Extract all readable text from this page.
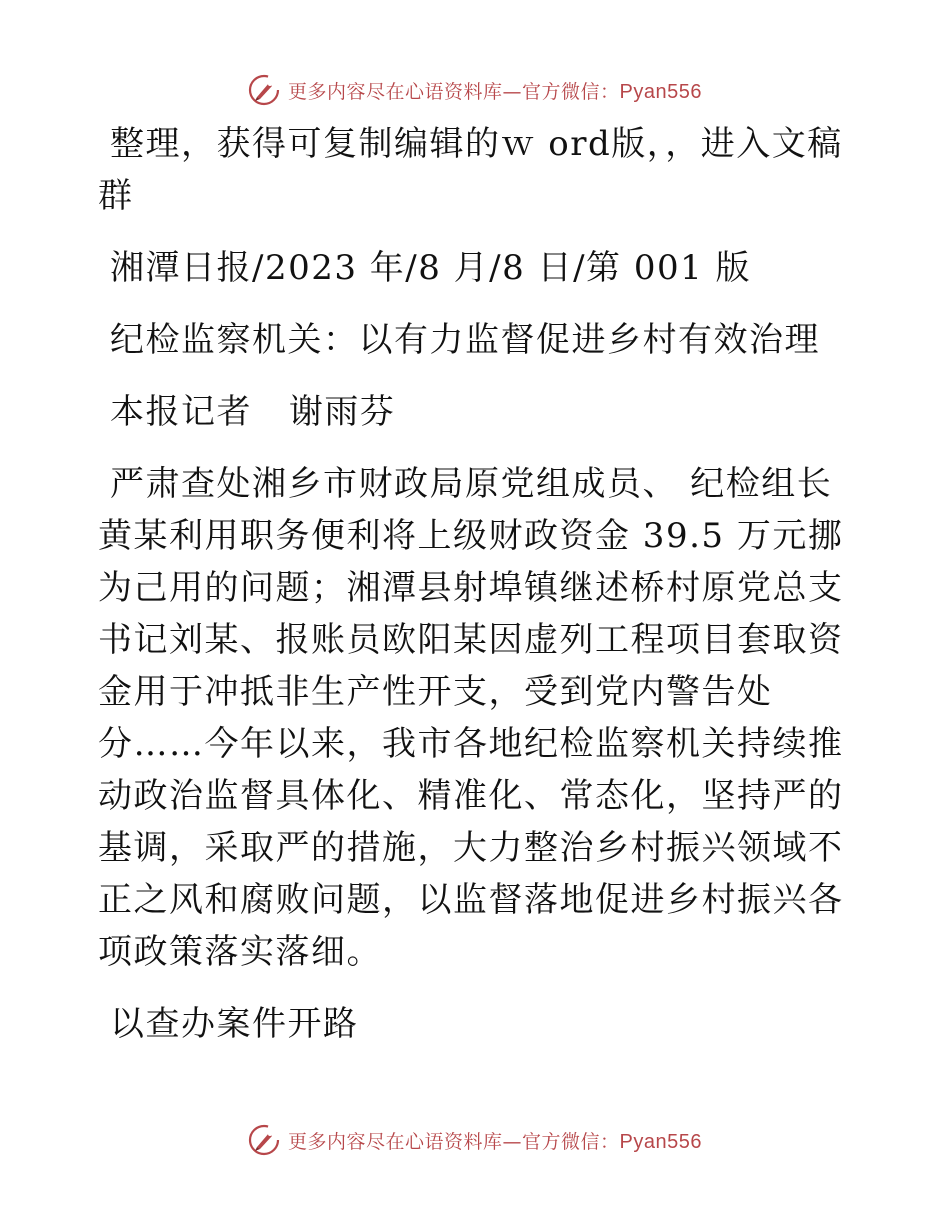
更多内容尽在心语资料库—官方微信：Pyan556

整理，获得可复制编辑的ｗ ord版，，进入文稿

群

湘潭日报/2023 年/8 月/8 日/第 001 版

纪检监察机关：以有力监督促进乡村有效治理

本报记者   谢雨芬

严肃查处湘乡市财政局原党组成员、 纪检组长黄某利用职务便利将上级财政资金 39.5 万元挪为己用的问题；湘潭县射埠镇继述桥村原党总支书记刘某、报账员欧阳某因虚列工程项目套取资金用于冲抵非生产性开支，受到党内警告处分……今年以来，我市各地纪检监察机关持续推动政治监督具体化、精准化、常态化，坚持严的基调，采取严的措施，大力整治乡村振兴领域不正之风和腐败问题，以监督落地促进乡村振兴各项政策落实落细。

以查办案件开路

更多内容尽在心语资料库—官方微信：Pyan556
